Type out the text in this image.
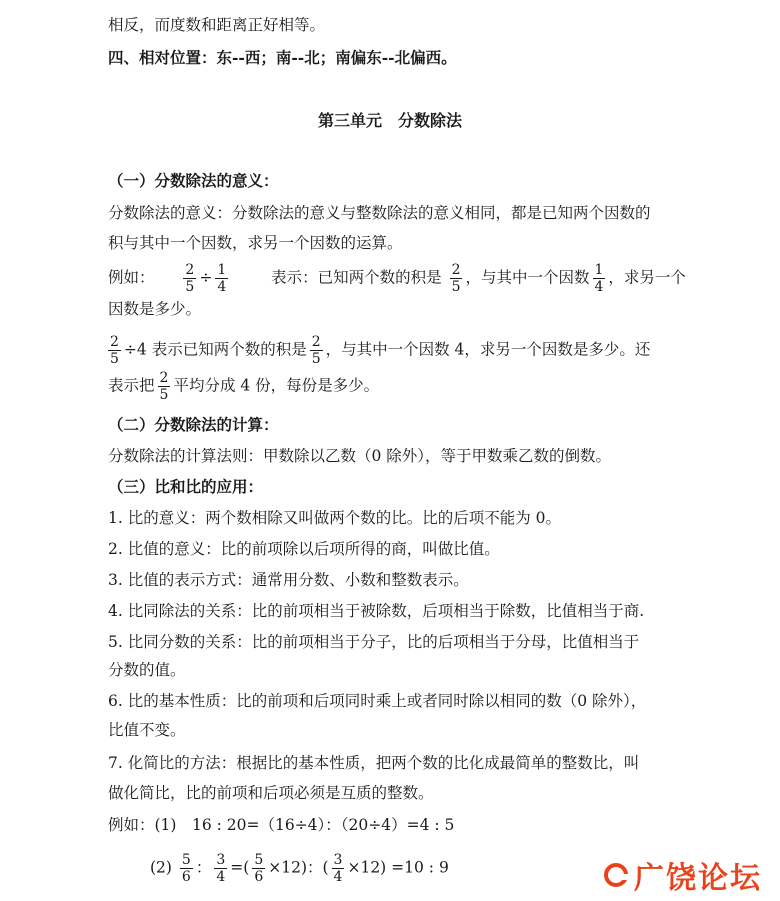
相反，而度数和距离正好相等。
四、相对位置：东--西；南--北；南偏东--北偏西。
第三单元　分数除法
（一）分数除法的意义：
分数除法的意义：分数除法的意义与整数除法的意义相同，都是已知两个因数的
积与其中一个因数，求另一个因数的运算。
例如： $\frac{2}{5} \div \frac{1}{4}$	表示：已知两个数的积是 $\frac{2}{5}$ ，与其中一个因数 $\frac{1}{4}$ ，求另一个
因数是多少。
$\frac{2}{5} \div 4$ 表示已知两个数的积是 $\frac{2}{5}$ ，与其中一个因数 4，求另一个因数是多少。还
表示把 $\frac{2}{5}$ 平均分成 4 份，每份是多少。
（二）分数除法的计算：
分数除法的计算法则：甲数除以乙数（0 除外），等于甲数乘乙数的倒数。
（三）比和比的应用：
1. 比的意义：两个数相除又叫做两个数的比。比的后项不能为 0。
2. 比值的意义：比的前项除以后项所得的商，叫做比值。
3. 比值的表示方式：通常用分数、小数和整数表示。
4. 比同除法的关系：比的前项相当于被除数，后项相当于除数，比值相当于商.
5. 比同分数的关系：比的前项相当于分子，比的后项相当于分母，比值相当于
分数的值。
6. 比的基本性质：比的前项和后项同时乘上或者同时除以相同的数（0 除外），
比值不变。
7. 化简比的方法：根据比的基本性质，把两个数的比化成最简单的整数比，叫
做化简比，比的前项和后项必须是互质的整数。
例如：(1)　16 : 20=（16÷4）：（20÷4）=4 : 5
$(2) \frac{5}{6}$ ： $\frac{3}{4}$ =( $\frac{5}{6} \times 12$)：( $\frac{3}{4} \times 12) =10$ : 9	广饶论坛
